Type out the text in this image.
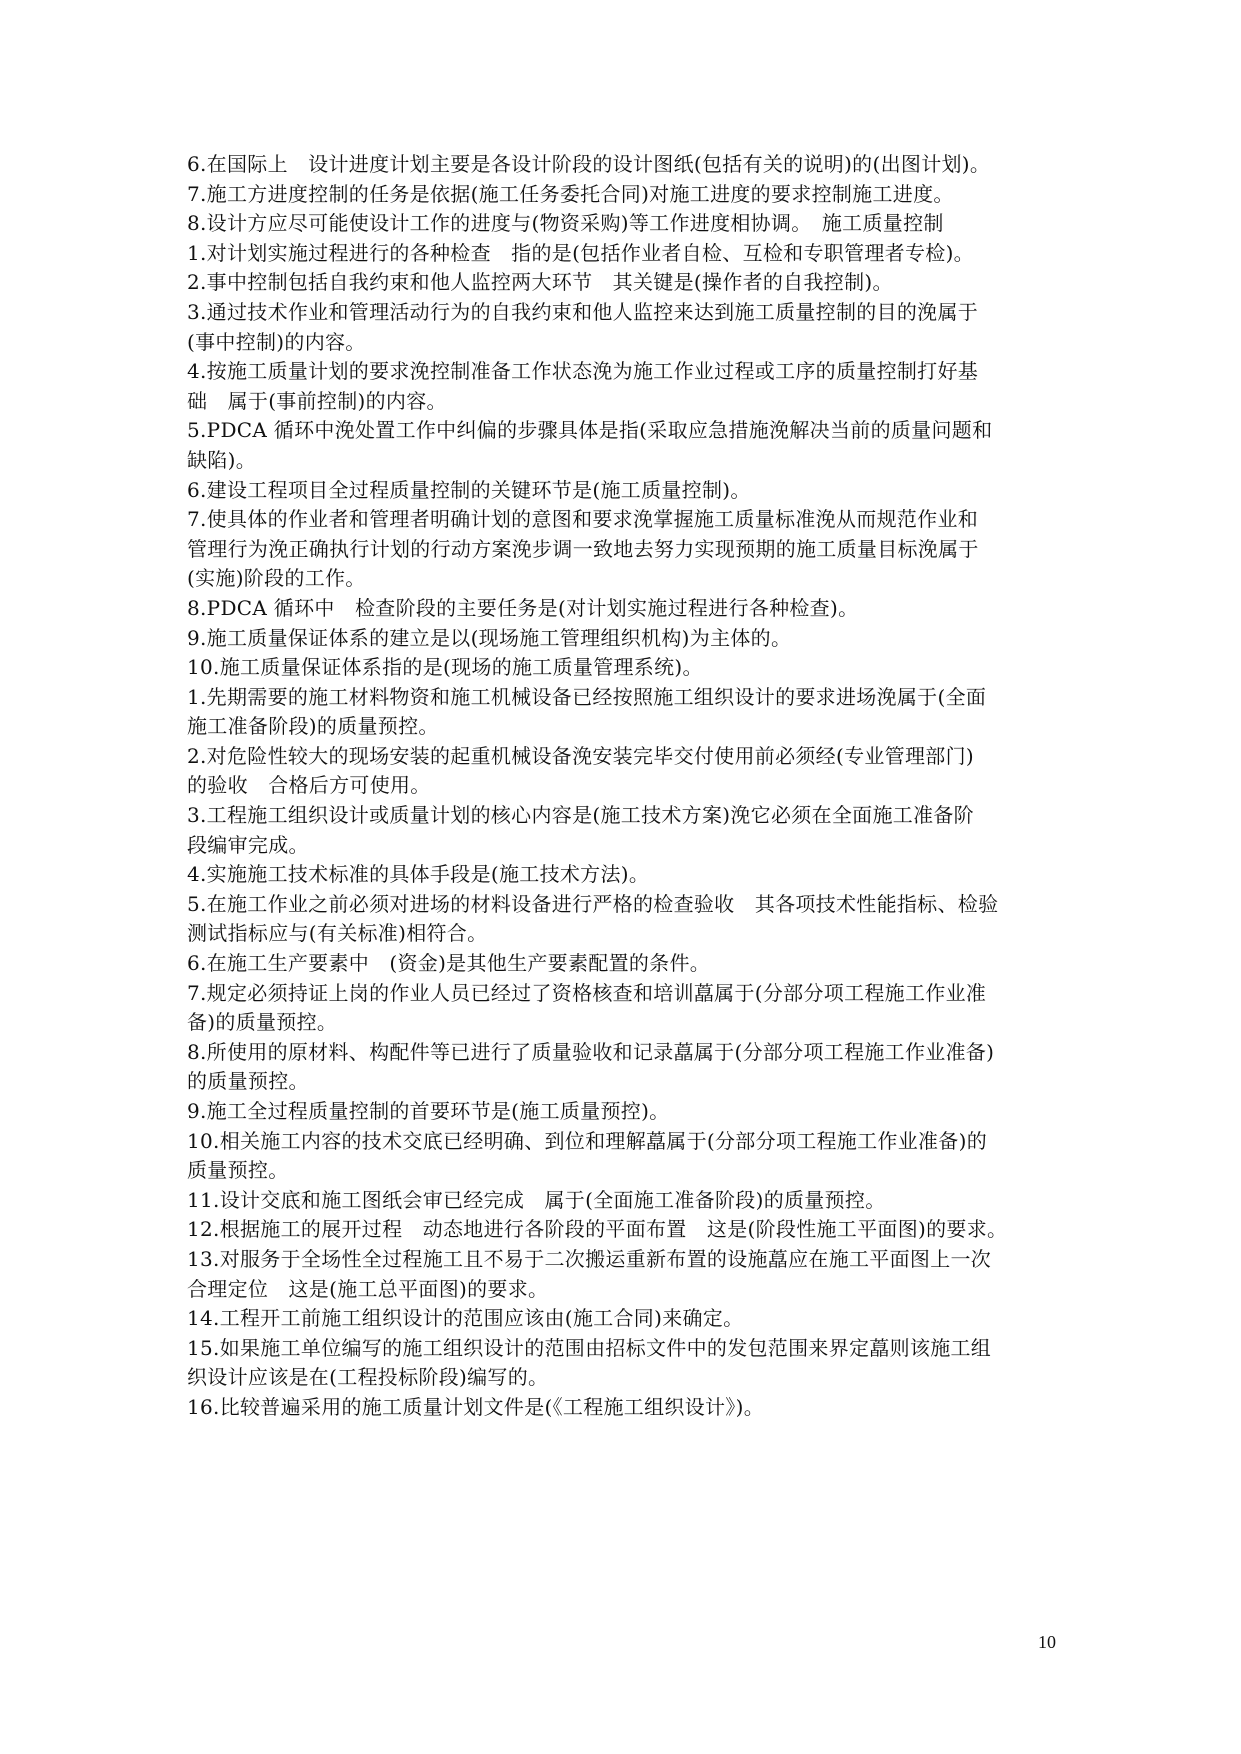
6.在国际上　设计进度计划主要是各设计阶段的设计图纸(包括有关的说明)的(出图计划)。
7.施工方进度控制的任务是依据(施工任务委托合同)对施工进度的要求控制施工进度。
8.设计方应尽可能使设计工作的进度与(物资采购)等工作进度相协调。　施工质量控制
1.对计划实施过程进行的各种检查　指的是(包括作业者自检、互检和专职管理者专检)。
2.事中控制包括自我约束和他人监控两大环节　其关键是(操作者的自我控制)。
3.通过技术作业和管理活动行为的自我约束和他人监控来达到施工质量控制的目的浼属于
(事中控制)的内容。
4.按施工质量计划的要求浼控制准备工作状态浼为施工作业过程或工序的质量控制打好基
础　属于(事前控制)的内容。
5.PDCA 循环中浼处置工作中纠偏的步骤具体是指(采取应急措施浼解决当前的质量问题和
缺陷)。
6.建设工程项目全过程质量控制的关键环节是(施工质量控制)。
7.使具体的作业者和管理者明确计划的意图和要求浼掌握施工质量标准浼从而规范作业和
管理行为浼正确执行计划的行动方案浼步调一致地去努力实现预期的施工质量目标浼属于
(实施)阶段的工作。
8.PDCA 循环中　检查阶段的主要任务是(对计划实施过程进行各种检查)。
9.施工质量保证体系的建立是以(现场施工管理组织机构)为主体的。
10.施工质量保证体系指的是(现场的施工质量管理系统)。
1.先期需要的施工材料物资和施工机械设备已经按照施工组织设计的要求进场浼属于(全面
施工准备阶段)的质量预控。
2.对危险性较大的现场安装的起重机械设备浼安装完毕交付使用前必须经(专业管理部门)
的验收　合格后方可使用。
3.工程施工组织设计或质量计划的核心内容是(施工技术方案)浼它必须在全面施工准备阶
段编审完成。
4.实施施工技术标准的具体手段是(施工技术方法)。
5.在施工作业之前必须对进场的材料设备进行严格的检查验收　其各项技术性能指标、检验
测试指标应与(有关标准)相符合。
6.在施工生产要素中　(资金)是其他生产要素配置的条件。
7.规定必须持证上岗的作业人员已经过了资格核查和培训藠属于(分部分项工程施工作业准
备)的质量预控。
8.所使用的原材料、构配件等已进行了质量验收和记录藠属于(分部分项工程施工作业准备)
的质量预控。
9.施工全过程质量控制的首要环节是(施工质量预控)。
10.相关施工内容的技术交底已经明确、到位和理解藠属于(分部分项工程施工作业准备)的
质量预控。
11.设计交底和施工图纸会审已经完成　属于(全面施工准备阶段)的质量预控。
12.根据施工的展开过程　动态地进行各阶段的平面布置　这是(阶段性施工平面图)的要求。
13.对服务于全场性全过程施工且不易于二次搬运重新布置的设施藠应在施工平面图上一次
合理定位　这是(施工总平面图)的要求。
14.工程开工前施工组织设计的范围应该由(施工合同)来确定。
15.如果施工单位编写的施工组织设计的范围由招标文件中的发包范围来界定藠则该施工组
织设计应该是在(工程投标阶段)编写的。
16.比较普遍采用的施工质量计划文件是(《工程施工组织设计》)。
10
